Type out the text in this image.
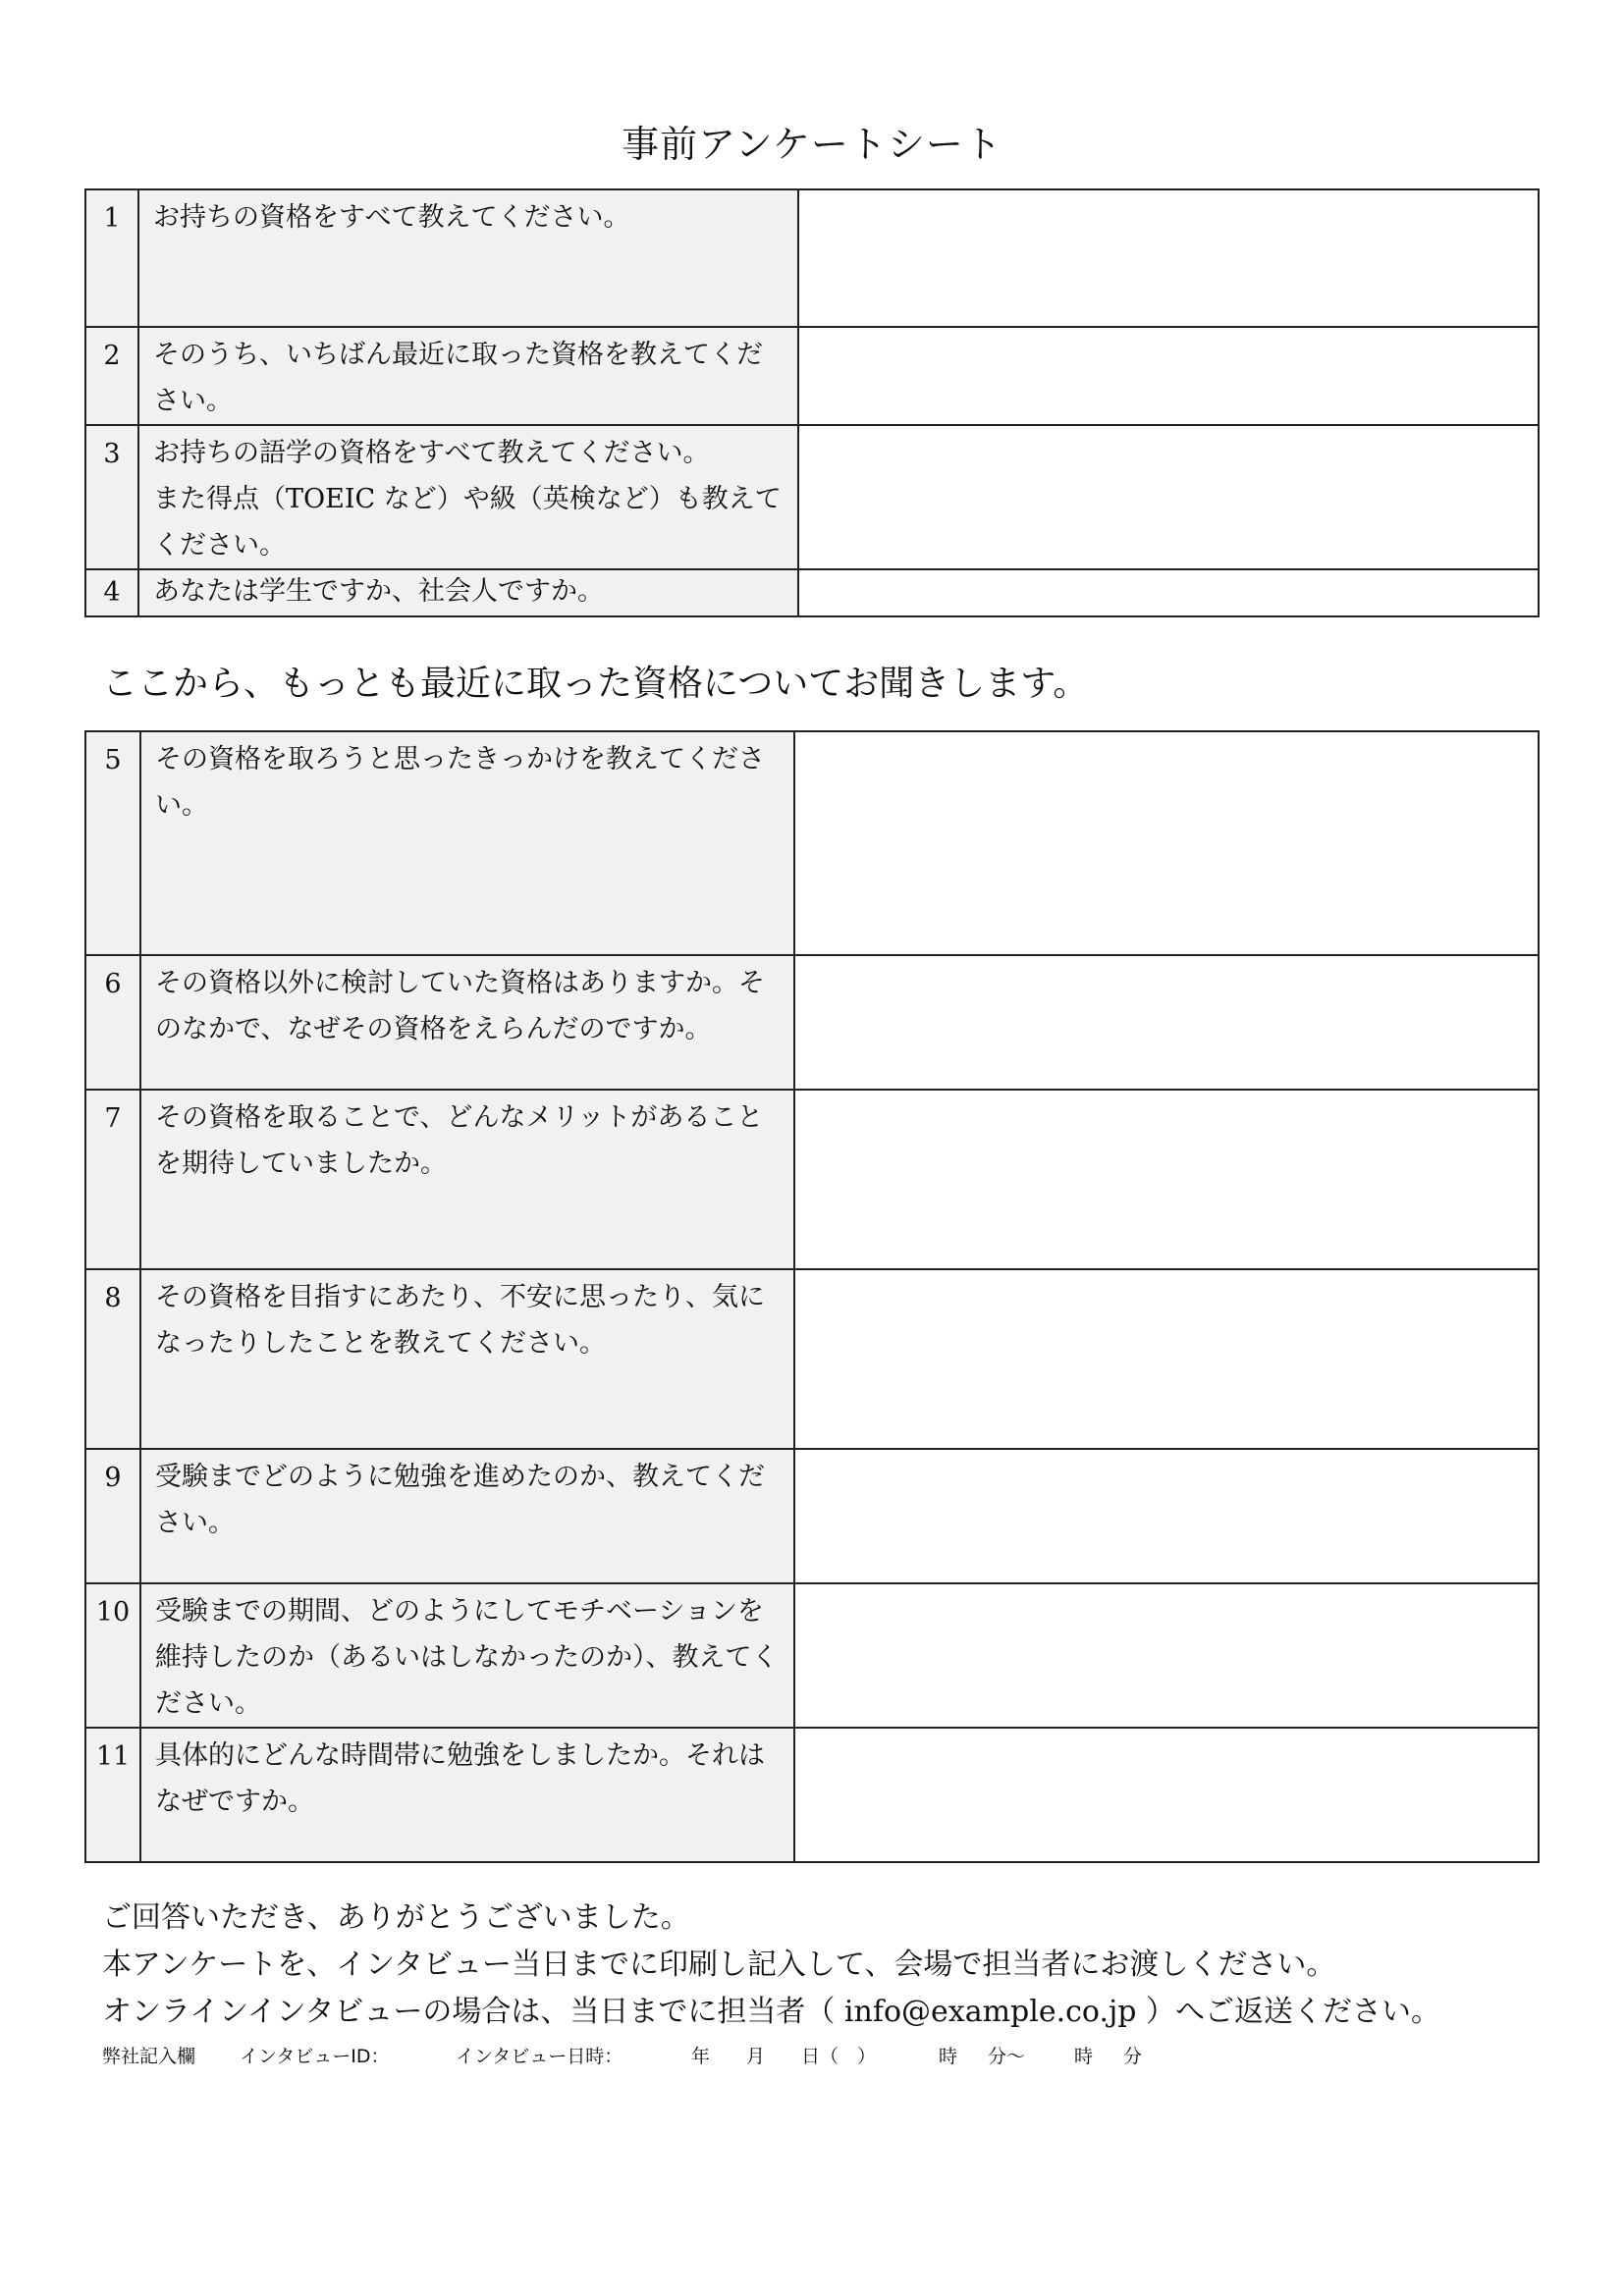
事前アンケートシート
1	お持ちの資格をすべて教えてください。	
2	そのうち、いちばん最近に取った資格を教えてください。	
3	お持ちの語学の資格をすべて教えてください。
また得点（TOEIC など）や級（英検など）も教えてください。	
4	あなたは学生ですか、社会人ですか。	
ここから、もっとも最近に取った資格についてお聞きします。
5	その資格を取ろうと思ったきっかけを教えてください。	
6	その資格以外に検討していた資格はありますか。そのなかで、なぜその資格をえらんだのですか。	
7	その資格を取ることで、どんなメリットがあることを期待していましたか。	
8	その資格を目指すにあたり、不安に思ったり、気になったりしたことを教えてください。	
9	受験までどのように勉強を進めたのか、教えてください。	
10	受験までの期間、どのようにしてモチベーションを維持したのか（あるいはしなかったのか）、教えてください。	
11	具体的にどんな時間帯に勉強をしましたか。それはなぜですか。	
ご回答いただき、ありがとうございました。
本アンケートを、インタビュー当日までに印刷し記入して、会場で担当者にお渡しください。
オンラインインタビューの場合は、当日までに担当者（ info@example.co.jp ）へご返送ください。
弊社記入欄 インタビューID：	インタビュー日時：	年 月 日（　）	時 分～	時 分
